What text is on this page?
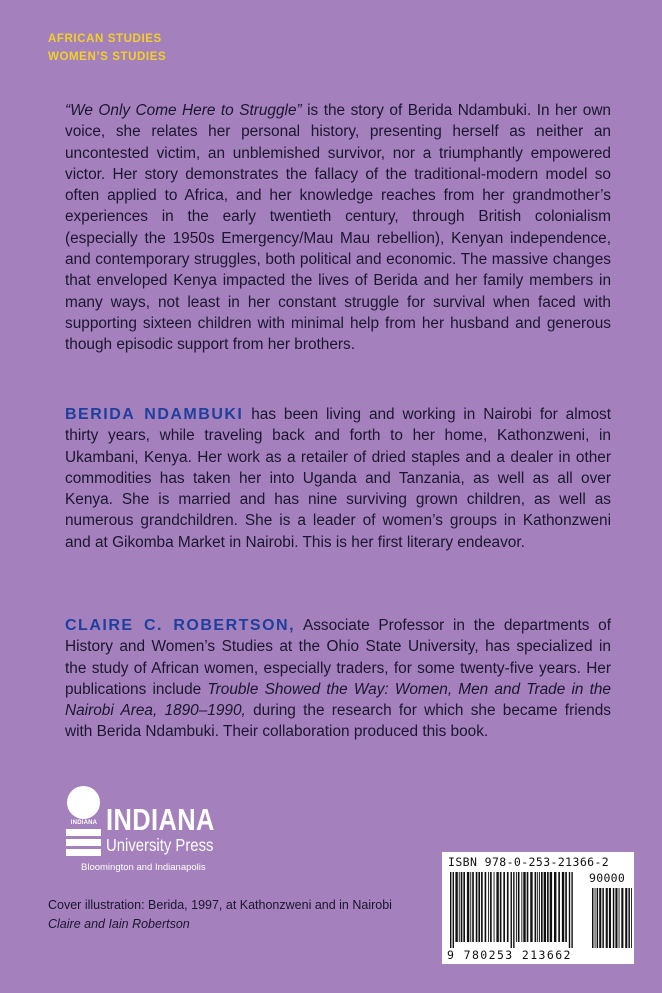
AFRICAN STUDIES
WOMEN’S STUDIES

“We Only Come Here to Struggle” is the story of Berida Ndambuki. In her own voice, she relates her personal history, presenting herself as neither an uncontested victim, an unblemished survivor, nor a triumphantly empowered victor. Her story demonstrates the fallacy of the traditional-modern model so often applied to Africa, and her knowledge reaches from her grandmother’s experiences in the early twentieth century, through British colonialism (especially the 1950s Emergency/Mau Mau rebellion), Kenyan independence, and contemporary struggles, both political and economic. The massive changes that enveloped Kenya impacted the lives of Berida and her family members in many ways, not least in her constant struggle for survival when faced with supporting sixteen children with minimal help from her husband and generous though episodic support from her brothers.

BERIDA NDAMBUKI has been living and working in Nairobi for almost thirty years, while traveling back and forth to her home, Kathonzweni, in Ukambani, Kenya. Her work as a retailer of dried staples and a dealer in other commodities has taken her into Uganda and Tanzania, as well as all over Kenya. She is married and has nine surviving grown children, as well as numerous grandchildren. She is a leader of women’s groups in Kathonzweni and at Gikomba Market in Nairobi. This is her first literary endeavor.

CLAIRE C. ROBERTSON, Associate Professor in the departments of History and Women’s Studies at the Ohio State University, has specialized in the study of African women, especially traders, for some twenty-five years. Her publications include Trouble Showed the Way: Women, Men and Trade in the Nairobi Area, 1890–1990, during the research for which she became friends with Berida Ndambuki. Their collaboration produced this book.

INDIANA INDIANA
University Press
Bloomington and Indianapolis
Cover illustration: Berida, 1997, at Kathonzweni and in Nairobi
Claire and Iain Robertson
ISBN 978-0-253-21366-2
90000
9 780253 213662
